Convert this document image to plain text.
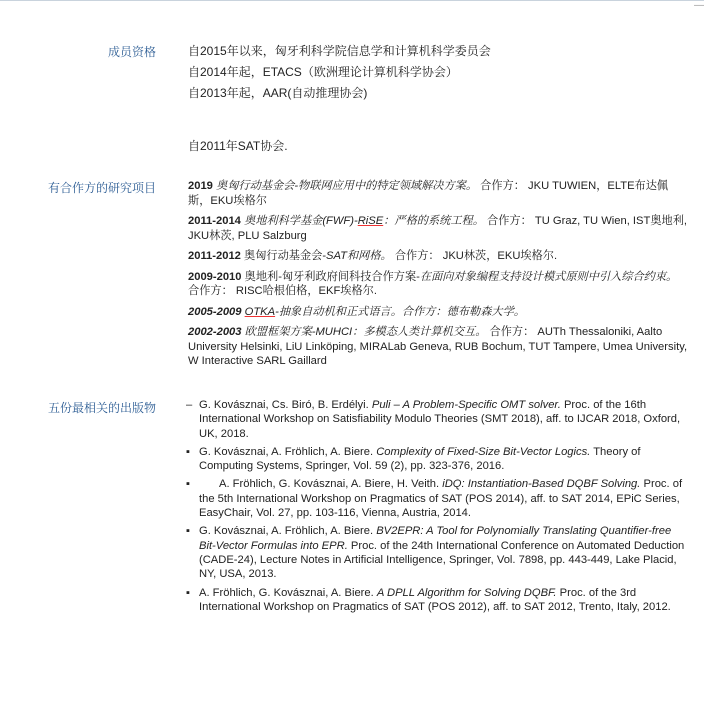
—
成员资格	自2015年以来，匈牙利科学院信息学和计算机科学委员会
自2014年起，ETACS（欧洲理论计算机科学协会）
自2013年起，AAR(自动推理协会)
自2011年SAT协会.
有合作方的研究项目	2019 奥匈行动基金会-物联网应用中的特定领域解决方案。 合作方： JKU TUWIEN，ELTE布达佩斯，EKU埃格尔

2011-2014 奥地利科学基金(FWF)-RiSE：严格的系统工程。 合作方： TU Graz, TU Wien, IST奥地利, JKU林茨, PLU Salzburg

2011-2012 奥匈行动基金会-SAT和网格。 合作方： JKU林茨，EKU埃格尔.

2009-2010 奥地利-匈牙利政府间科技合作方案-在面向对象编程支持设计模式原则中引入综合约束。 合作方： RISC哈根伯格，EKF埃格尔.

2005-2009 OTKA-抽象自动机和正式语言。合作方：德布勒森大学。

2002-2003 欧盟框架方案-MUHCI：多模态人类计算机交互。 合作方： AUTh Thessaloniki, Aalto University Helsinki, LiU Linköping, MIRALab Geneva, RUB Bochum, TUT Tampere, Umea University, W Interactive SARL Gaillard

五份最相关的出版物	– G. Kovásznai, Cs. Biró, B. Erdélyi. Puli – A Problem-Specific OMT solver. Proc. of the 16th International Workshop on Satisfiability Modulo Theories (SMT 2018), aff. to IJCAR 2018, Oxford, UK, 2018.
▪ G. Kovásznai, A. Fröhlich, A. Biere. Complexity of Fixed-Size Bit-Vector Logics. Theory of Computing Systems, Springer, Vol. 59 (2), pp. 323-376, 2016.
▪	A. Fröhlich, G. Kovásznai, A. Biere, H. Veith. iDQ: Instantiation-Based DQBF Solving. Proc. of the 5th International Workshop on Pragmatics of SAT (POS 2014), aff. to SAT 2014, EPiC Series, EasyChair, Vol. 27, pp. 103-116, Vienna, Austria, 2014.
▪ G. Kovásznai, A. Fröhlich, A. Biere. BV2EPR: A Tool for Polynomially Translating Quantifier-free Bit-Vector Formulas into EPR. Proc. of the 24th International Conference on Automated Deduction (CADE-24), Lecture Notes in Artificial Intelligence, Springer, Vol. 7898, pp. 443-449, Lake Placid, NY, USA, 2013.
▪ A. Fröhlich, G. Kovásznai, A. Biere. A DPLL Algorithm for Solving DQBF. Proc. of the 3rd International Workshop on Pragmatics of SAT (POS 2012), aff. to SAT 2012, Trento, Italy, 2012.
